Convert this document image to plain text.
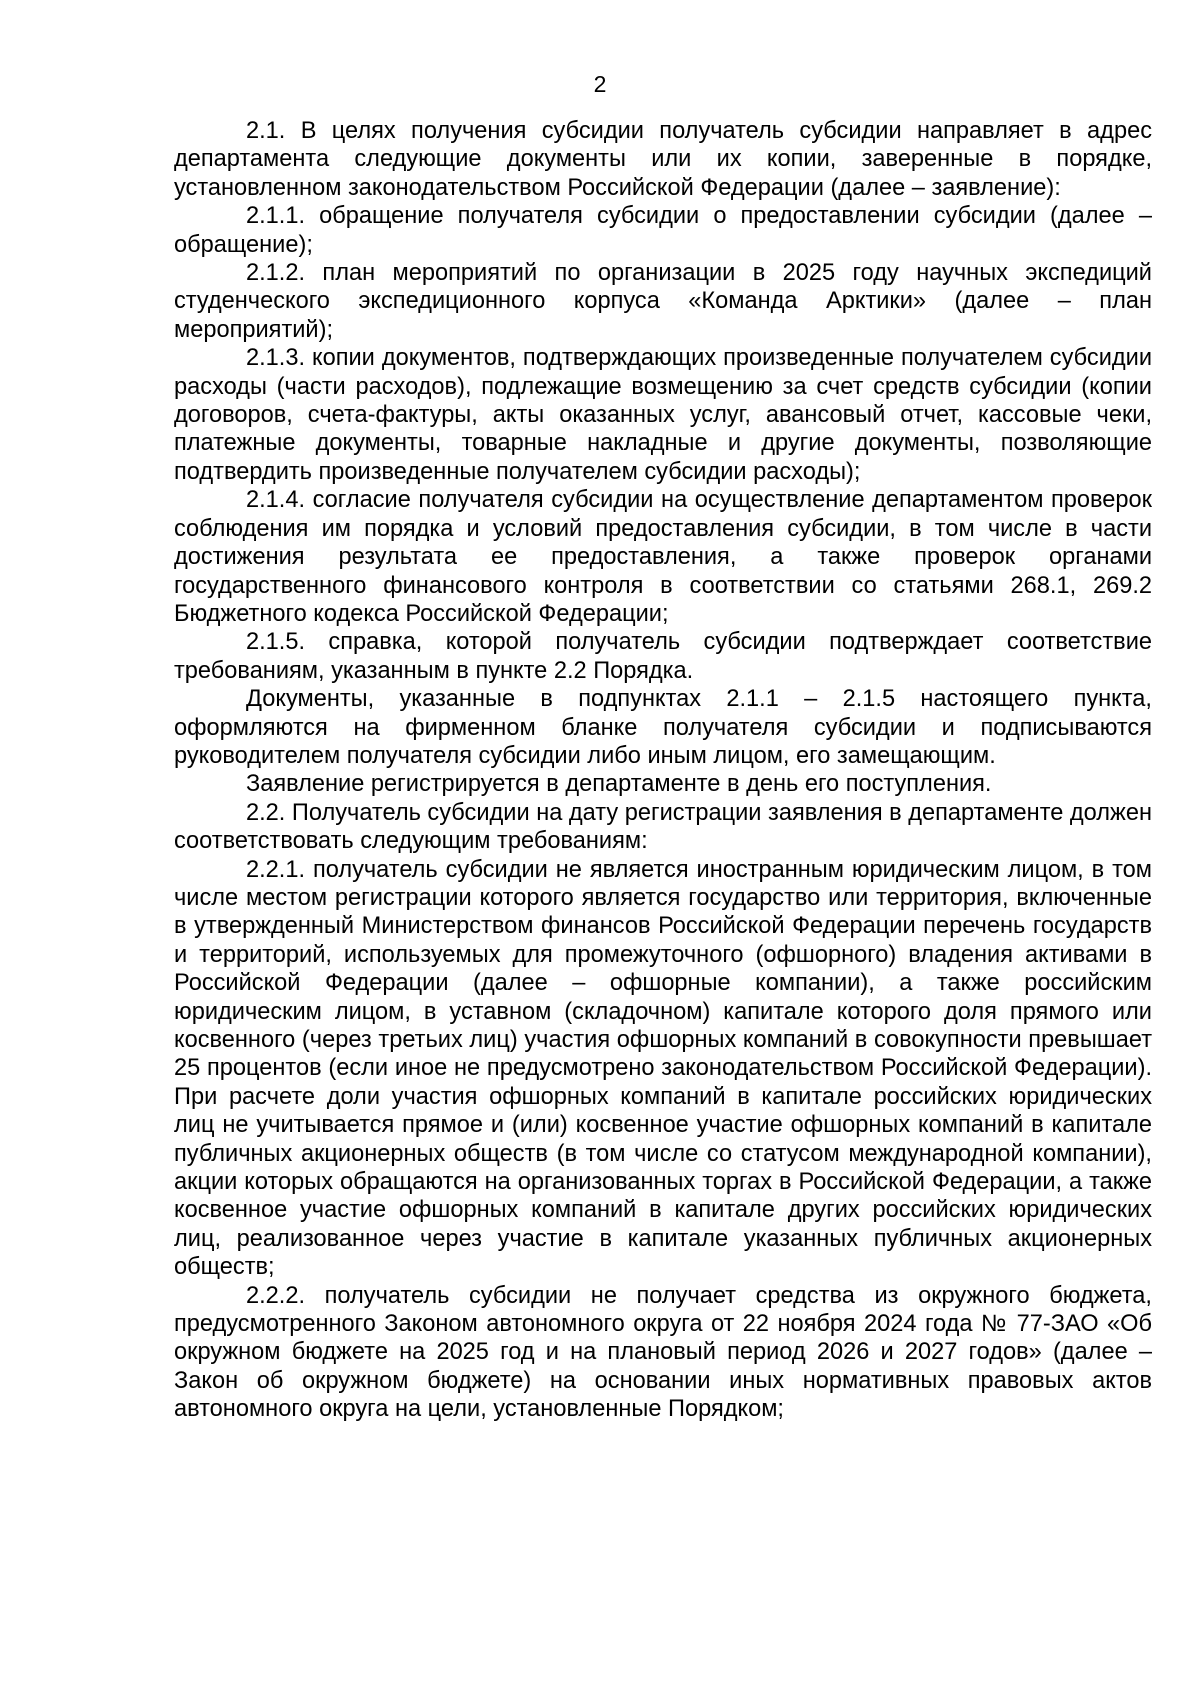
2

2.1. В целях получения субсидии получатель субсидии направляет в адрес департамента следующие документы или их копии, заверенные в порядке, установленном законодательством Российской Федерации (далее – заявление):

2.1.1. обращение получателя субсидии о предоставлении субсидии (далее – обращение);

2.1.2. план мероприятий по организации в 2025 году научных экспедиций студенческого экспедиционного корпуса «Команда Арктики» (далее – план мероприятий);

2.1.3. копии документов, подтверждающих произведенные получателем субсидии расходы (части расходов), подлежащие возмещению за счет средств субсидии (копии договоров, счета-фактуры, акты оказанных услуг, авансовый отчет, кассовые чеки, платежные документы, товарные накладные и другие документы, позволяющие подтвердить произведенные получателем субсидии расходы);

2.1.4. согласие получателя субсидии на осуществление департаментом проверок соблюдения им порядка и условий предоставления субсидии, в том числе в части достижения результата ее предоставления, а также проверок органами государственного финансового контроля в соответствии со статьями 268.1, 269.2 Бюджетного кодекса Российской Федерации;

2.1.5. справка, которой получатель субсидии подтверждает соответствие требованиям, указанным в пункте 2.2 Порядка.

Документы, указанные в подпунктах 2.1.1 – 2.1.5 настоящего пункта, оформляются на фирменном бланке получателя субсидии и подписываются руководителем получателя субсидии либо иным лицом, его замещающим.

Заявление регистрируется в департаменте в день его поступления.

2.2. Получатель субсидии на дату регистрации заявления в департаменте должен соответствовать следующим требованиям:

2.2.1. получатель субсидии не является иностранным юридическим лицом, в том числе местом регистрации которого является государство или территория, включенные в утвержденный Министерством финансов Российской Федерации перечень государств и территорий, используемых для промежуточного (офшорного) владения активами в Российской Федерации (далее – офшорные компании), а также российским юридическим лицом, в уставном (складочном) капитале которого доля прямого или косвенного (через третьих лиц) участия офшорных компаний в совокупности превышает 25 процентов (если иное не предусмотрено законодательством Российской Федерации). При расчете доли участия офшорных компаний в капитале российских юридических лиц не учитывается прямое и (или) косвенное участие офшорных компаний в капитале публичных акционерных обществ (в том числе со статусом международной компании), акции которых обращаются на организованных торгах в Российской Федерации, а также косвенное участие офшорных компаний в капитале других российских юридических лиц, реализованное через участие в капитале указанных публичных акционерных обществ;

2.2.2. получатель субсидии не получает средства из окружного бюджета, предусмотренного Законом автономного округа от 22 ноября 2024 года № 77-ЗАО «Об окружном бюджете на 2025 год и на плановый период 2026 и 2027 годов» (далее – Закон об окружном бюджете) на основании иных нормативных правовых актов автономного округа на цели, установленные Порядком;
